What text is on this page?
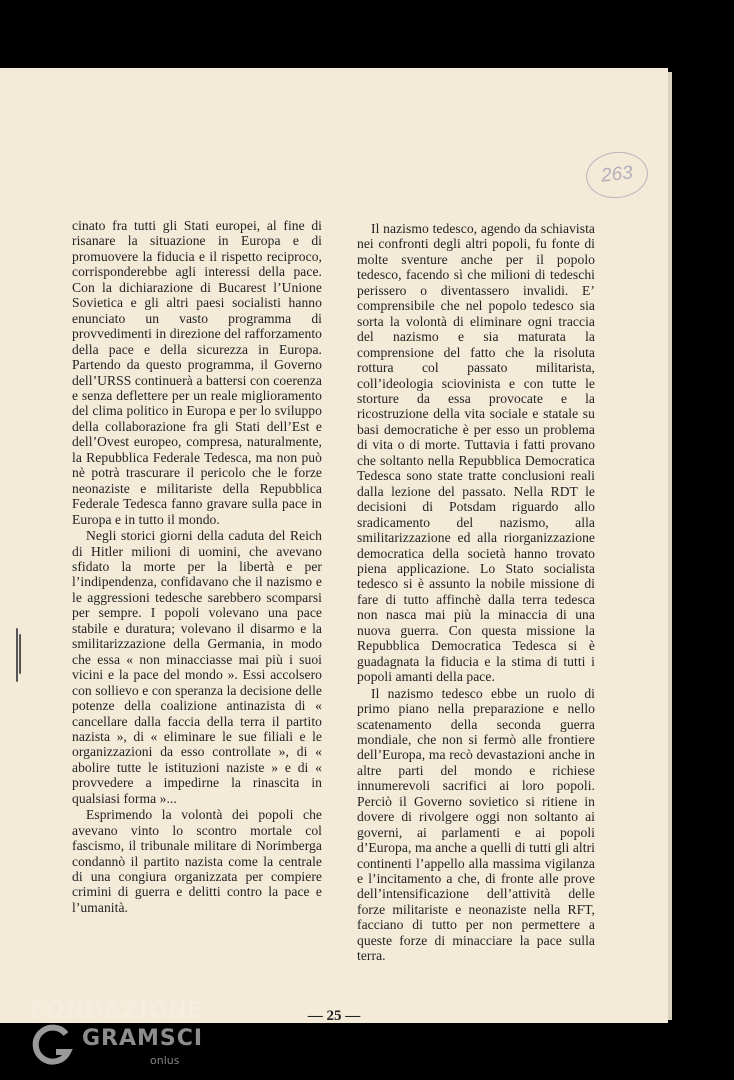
263

cinato fra tutti gli Stati europei, al fine di risanare la situazione in Europa e di promuovere la fiducia e il rispetto reciproco, corrisponderebbe agli interessi della pace. Con la dichiarazione di Bucarest l’Unione Sovietica e gli altri paesi socialisti hanno enunciato un vasto programma di provvedimenti in direzione del rafforzamento della pace e della sicurezza in Europa. Partendo da questo programma, il Governo dell’URSS continuerà a battersi con coerenza e senza deflettere per un reale miglioramento del clima politico in Europa e per lo sviluppo della collaborazione fra gli Stati dell’Est e dell’Ovest europeo, compresa, naturalmente, la Repubblica Federale Tedesca, ma non può nè potrà trascurare il pericolo che le forze neonaziste e militariste della Repubblica Federale Tedesca fanno gravare sulla pace in Europa e in tutto il mondo.

Negli storici giorni della caduta del Reich di Hitler milioni di uomini, che avevano sfidato la morte per la libertà e per l’indipendenza, confidavano che il nazismo e le aggressioni tedesche sarebbero scomparsi per sempre. I popoli volevano una pace stabile e duratura; volevano il disarmo e la smilitarizzazione della Germania, in modo che essa « non minacciasse mai più i suoi vicini e la pace del mondo ». Essi accolsero con sollievo e con speranza la decisione delle potenze della coalizione antinazista di « cancellare dalla faccia della terra il partito nazista », di « eliminare le sue filiali e le organizzazioni da esso controllate », di « abolire tutte le istituzioni naziste » e di « provvedere a impedirne la rinascita in qualsiasi forma »...

Esprimendo la volontà dei popoli che avevano vinto lo scontro mortale col fascismo, il tribunale militare di Norimberga condannò il partito nazista come la centrale di una congiura organizzata per compiere crimini di guerra e delitti contro la pace e l’umanità.

Il nazismo tedesco, agendo da schiavista nei confronti degli altri popoli, fu fonte di molte sventure anche per il popolo tedesco, facendo sì che milioni di tedeschi perissero o diventassero invalidi. E’ comprensibile che nel popolo tedesco sia sorta la volontà di eliminare ogni traccia del nazismo e sia maturata la comprensione del fatto che la risoluta rottura col passato militarista, coll’ideologia sciovinista e con tutte le storture da essa provocate e la ricostruzione della vita sociale e statale su basi democratiche è per esso un problema di vita o di morte. Tuttavia i fatti provano che soltanto nella Repubblica Democratica Tedesca sono state tratte conclusioni reali dalla lezione del passato. Nella RDT le decisioni di Potsdam riguardo allo sradicamento del nazismo, alla smilitarizzazione ed alla riorganizzazione democratica della società hanno trovato piena applicazione. Lo Stato socialista tedesco si è assunto la nobile missione di fare di tutto affinchè dalla terra tedesca non nasca mai più la minaccia di una nuova guerra. Con questa missione la Repubblica Democratica Tedesca si è guadagnata la fiducia e la stima di tutti i popoli amanti della pace.

Il nazismo tedesco ebbe un ruolo di primo piano nella preparazione e nello scatenamento della seconda guerra mondiale, che non si fermò alle frontiere dell’Europa, ma recò devastazioni anche in altre parti del mondo e richiese innumerevoli sacrifici ai loro popoli. Perciò il Governo sovietico si ritiene in dovere di rivolgere oggi non soltanto ai governi, ai parlamenti e ai popoli d’Europa, ma anche a quelli di tutti gli altri continenti l’appello alla massima vigilanza e l’incitamento a che, di fronte alle prove dell’intensificazione dell’attività delle forze militariste e neonaziste nella RFT, facciano di tutto per non permettere a queste forze di minacciare la pace sulla terra.

— 25 —
FONDAZIONE
GRAMSCI
onlus
